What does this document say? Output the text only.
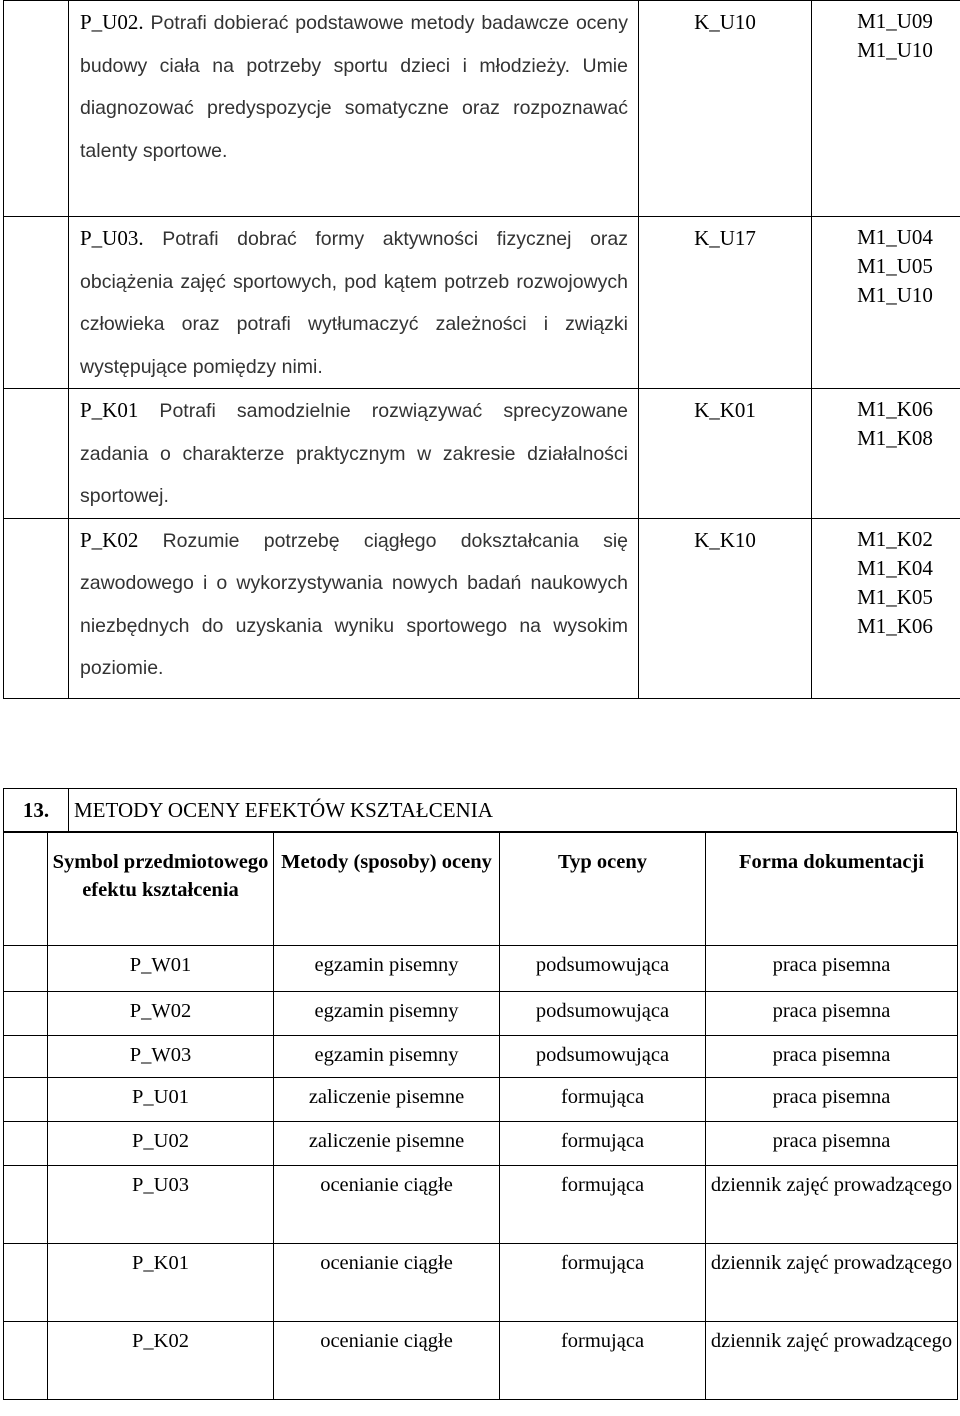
	P_U02. Potrafi dobierać podstawowe metody badawcze oceny budowy ciała na potrzeby sportu dzieci i młodzieży. Umie diagnozować predyspozycje somatyczne oraz rozpoznawać talenty sportowe.	K_U10	M1_U09
M1_U10

	P_U03. Potrafi dobrać formy aktywności fizycznej oraz obciążenia zajęć sportowych, pod kątem potrzeb rozwojowych człowieka oraz potrafi wytłumaczyć zależności i związki występujące pomiędzy nimi.	K_U17	M1_U04
M1_U05
M1_U10

	P_K01 Potrafi samodzielnie rozwiązywać sprecyzowane zadania o charakterze praktycznym w zakresie działalności sportowej.	K_K01	M1_K06
M1_K08

	P_K02 Rozumie potrzebę ciągłego dokształcania się zawodowego i o wykorzystywania nowych badań naukowych niezbędnych do uzyskania wyniku sportowego na wysokim poziomie.	K_K10	M1_K02
M1_K04
M1_K05
M1_K06
13.	METODY OCENY EFEKTÓW KSZTAŁCENIA
	Symbol przedmiotowego efektu kształcenia	Metody (sposoby) oceny	Typ oceny	Forma dokumentacji
	P_W01	egzamin pisemny	podsumowująca	praca pisemna
	P_W02	egzamin pisemny	podsumowująca	praca pisemna
	P_W03	egzamin pisemny	podsumowująca	praca pisemna
	P_U01	zaliczenie pisemne	formująca	praca pisemna
	P_U02	zaliczenie pisemne	formująca	praca pisemna
	P_U03	ocenianie ciągłe	formująca	dziennik zajęć prowadzącego
	P_K01	ocenianie ciągłe	formująca	dziennik zajęć prowadzącego
	P_K02	ocenianie ciągłe	formująca	dziennik zajęć prowadzącego
